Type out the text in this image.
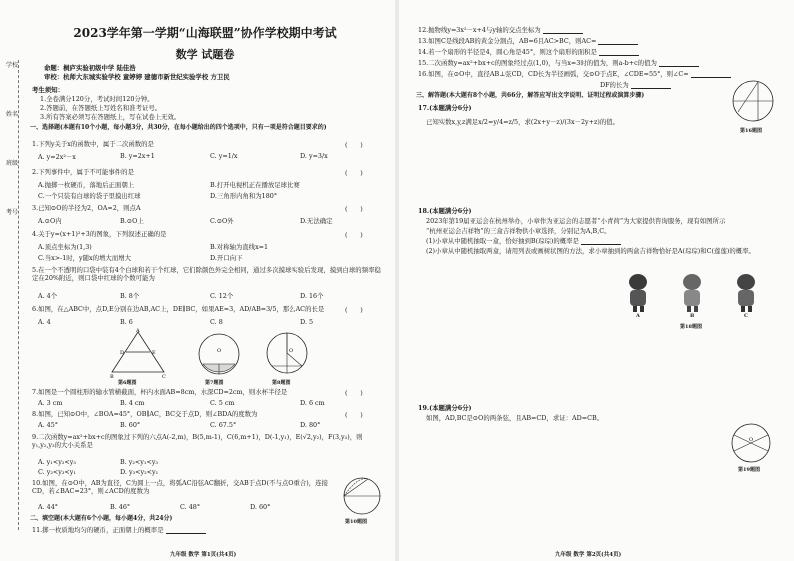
学校
姓名
班级
考号
2023学年第一学期“山海联盟”协作学校期中考试
数学 试题卷
命题：桐庐实验初级中学 陆佳浩
审校：杭师大东城实验学校 童婷婷 建德市新世纪实验学校 方卫民
考生须知：
1.全卷满分120分，考试时间120分钟。
2.答题前，在答题纸上写姓名和准考证号。
3.所有答案必须写在答题纸上，写在试卷上无效。
一、选择题(本题有10个小题，每小题3分，共30分，在每小题给出的四个选项中，只有一项是符合题目要求的)
1.下列y关于x的函数中，属于二次函数的是	(　　)
A. y=2x²－x	B. y=2x+1	C. y=1/x	D. y=3/x
2.下列事件中，属于不可能事件的是	(　　)
A.抛掷一枚硬币，落地后正面朝上	B.打开电视机正在播放足球比赛
C.一个只装有白球的袋子里摸出红球	D.三角形内角和为180°
3.已知⊙O的半径为2，OA=2，则点A	(　　)
A.⊙O内	B.⊙O上	C.⊙O外	D.无法确定
4.关于y=(x+1)²+3的图象，下列叙述正确的是	(　　)
A.顶点坐标为(1,3)	B.对称轴为直线x=1
C.当x>-1时，y随x的增大而增大	D.开口向下
5.在一个不透明的口袋中装有4个白球和若干个红球，它们除颜色外完全相同，通过多次摸球实验后发现，摸到白球的频率稳定在20%附近，则口袋中红球的个数可能为
A. 4个	B. 8个	C. 12个	D. 16个
6.如图，在△ABC中，点D,E分别在边AB,AC上，DE∥BC，如果AE=3，AD/AB=3/5，那么AC的长是	(　　)
A. 4	B. 6	C. 8	D. 5
A
B	C
D	E
第6题图
O
第7题图
O
第8题图
7.如图是一个圆柱形的输水管横截面，杯内水面AB=8cm，水深CD=2cm，则水杯半径是	(　　)
A. 3 cm	B. 4 cm	C. 5 cm	D. 6 cm
8.如图，已知⊙O中，∠BOA=45°，OB∥AC，BC交于点D，则∠BDA的度数为	(　　)
A. 45°	B. 60°	C. 67.5°	D. 80°
9.二次函数y=ax²+bx+c的图象过下列的六点A(-2,m)，B(5,m-1)，C(6,m+1)，D(-1,y₁)，E(√2,y₂)，F(3,y₃)，则y₁,y₂,y₃的大小关系是
A. y₁<y₂<y₃	B. y₂<y₁<y₃
C. y₂<y₃<y₁	D. y₃<y₂<y₁
10.如图，在⊙O中，AB为直径，C为圆上一点，将弧AC沿弦AC翻折，交AB于点D(不与点O重合)，连接CD，若∠BAC=23°，则∠ACD的度数为
A. 44°	B. 46°	C. 48°	D. 60°
第10题图
二、填空题(本大题有6个小题，每小题4分，共24分)
11.掷一枚质地均匀的硬币，正面朝上的概率是
九年级 数学 第1页(共4页)
12.抛物线y=3x²－x+4与y轴的交点坐标为
13.如图C是线段AB的黄金分割点，AB=6且AC>BC，则AC=
14.若一个扇形的半径是4，圆心角是45°，则这个扇形的面积是
15.二次函数y=ax²+bx+c的图象经过点(1,0)，与当x=3时的值为，则a-b+c的值为
16.如图，在⊙O中，直径AB⊥弦CD，CD长为半径画弧，交⊙O于点E，∠CDE=55°，则∠C=
DF的长为
第16题图
三、解答题(本大题有8个小题，共66分，解答应写出文字说明、证明过程或演算步骤)
17.(本题满分6分)
已知实数x,y,z满足x/2=y/4=z/5，求(2x+y－z)/(3x－2y+z)的值。
18.(本题满分6分)
2023年第19届亚运会在杭州举办，小章作为亚运会的志愿者“小青荷”为大家提供咨询服务，现有如图所示
“杭州亚运会吉祥物”的三盒吉祥物供小章选择，分别记为A,B,C。
(1)小章从中随机抽取一盒，恰好抽到B(琮琮)的概率是
(2)小章从中随机抽取两盒，请用列表或画树状图的方法，求小章抽到的两盒吉祥物恰好是A(琮琮)和C(莲莲)的概率。
A	B	C
第18题图
19.(本题满分6分)
如图，AD,BC是⊙O的两条弦，且AB=CD，求证：AD=CB。
O
第19题图
九年级 数学 第2页(共4页)
